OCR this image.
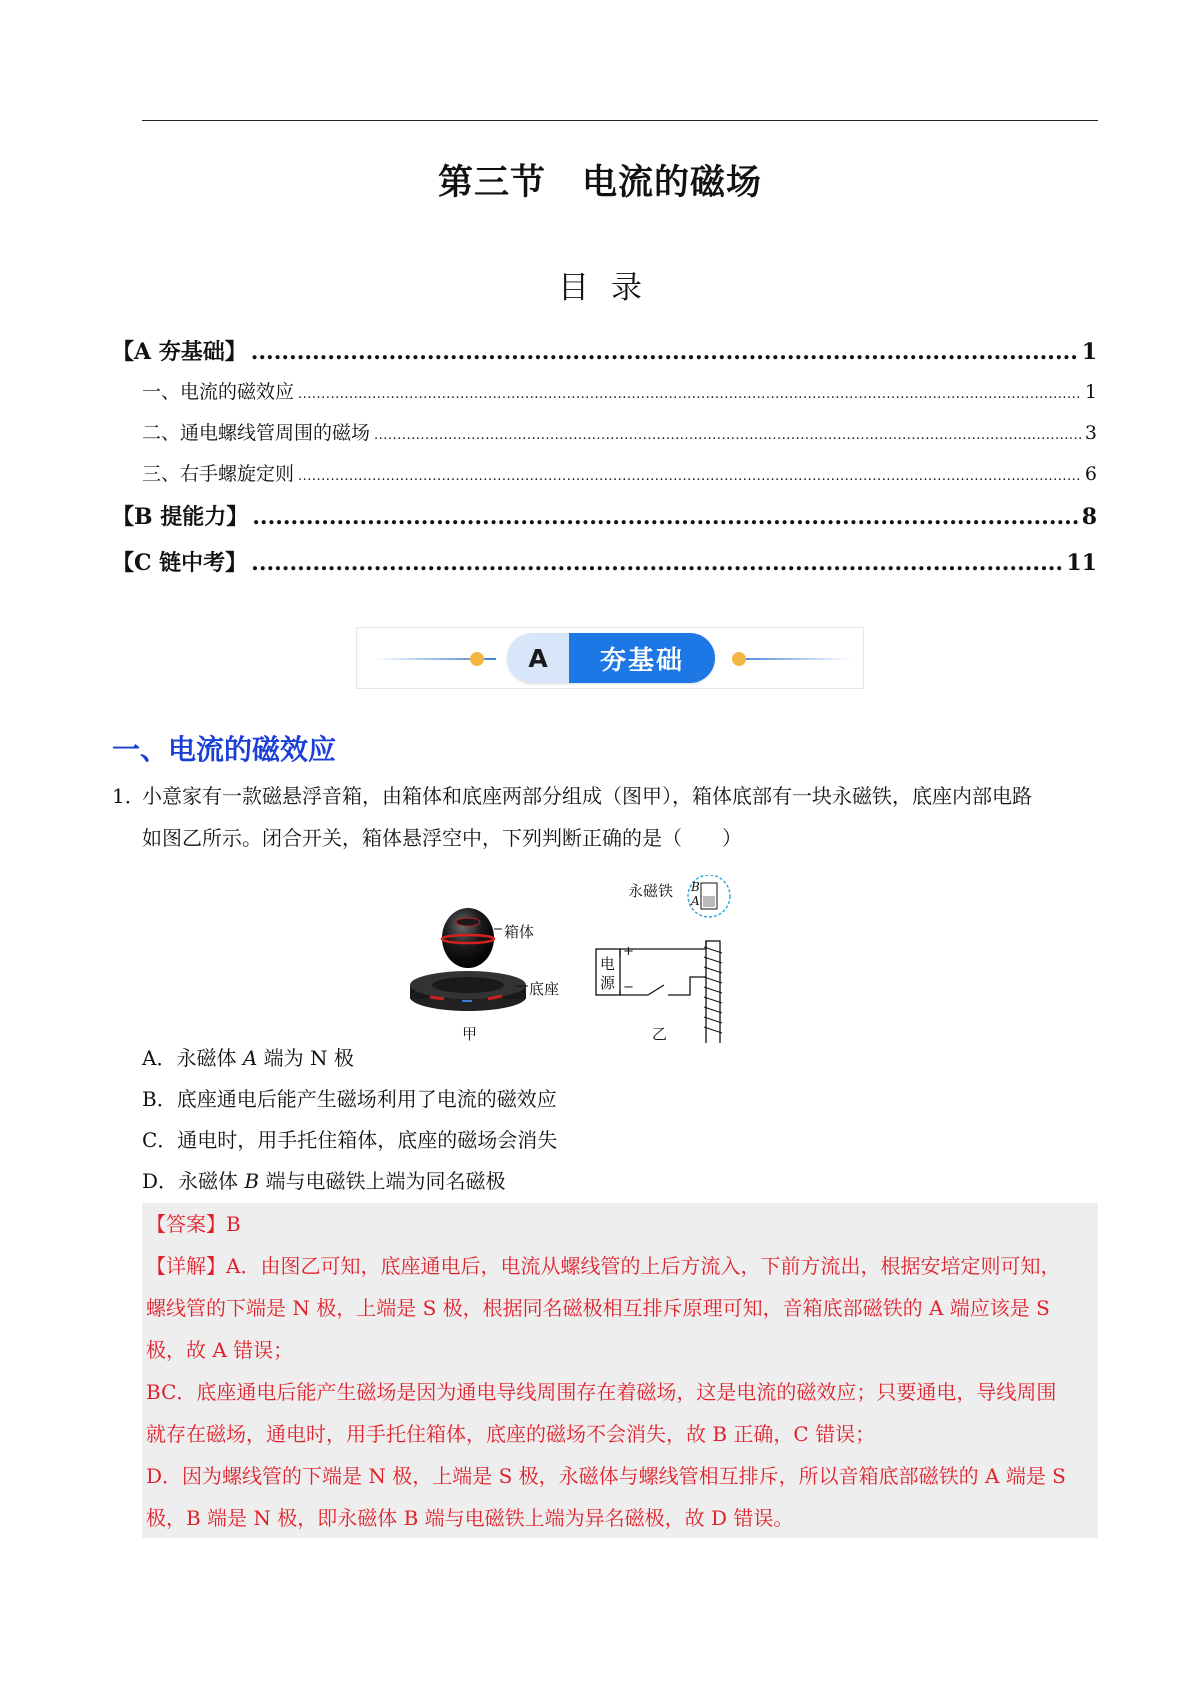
第三节　电流的磁场
目录
【A 夯基础】 .....	1
一、电流的磁效应 .....	1
二、通电螺线管周围的磁场 .....	3
三、右手螺旋定则 .....	6
【B 提能力】 .....	8
【C 链中考】 .....	11
A	夯基础
一、电流的磁效应
1．小意家有一款磁悬浮音箱，由箱体和底座两部分组成（图甲），箱体底部有一块永磁铁，底座内部电路
如图乙所示。闭合开关，箱体悬浮空中，下列判断正确的是（　　）
箱体
底座
甲
永磁铁 B
A
电
源
+
−
乙
A．永磁体 A 端为 N 极
B．底座通电后能产生磁场利用了电流的磁效应
C．通电时，用手托住箱体，底座的磁场会消失
D．永磁体 B 端与电磁铁上端为同名磁极

【答案】B

【详解】A．由图乙可知，底座通电后，电流从螺线管的上后方流入，下前方流出，根据安培定则可知，

螺线管的下端是 N 极，上端是 S 极，根据同名磁极相互排斥原理可知，音箱底部磁铁的 A 端应该是 S

极，故 A 错误；

BC．底座通电后能产生磁场是因为通电导线周围存在着磁场，这是电流的磁效应；只要通电，导线周围

就存在磁场，通电时，用手托住箱体，底座的磁场不会消失，故 B 正确，C 错误；

D．因为螺线管的下端是 N 极，上端是 S 极，永磁体与螺线管相互排斥，所以音箱底部磁铁的 A 端是 S

极，B 端是 N 极，即永磁体 B 端与电磁铁上端为异名磁极，故 D 错误。
